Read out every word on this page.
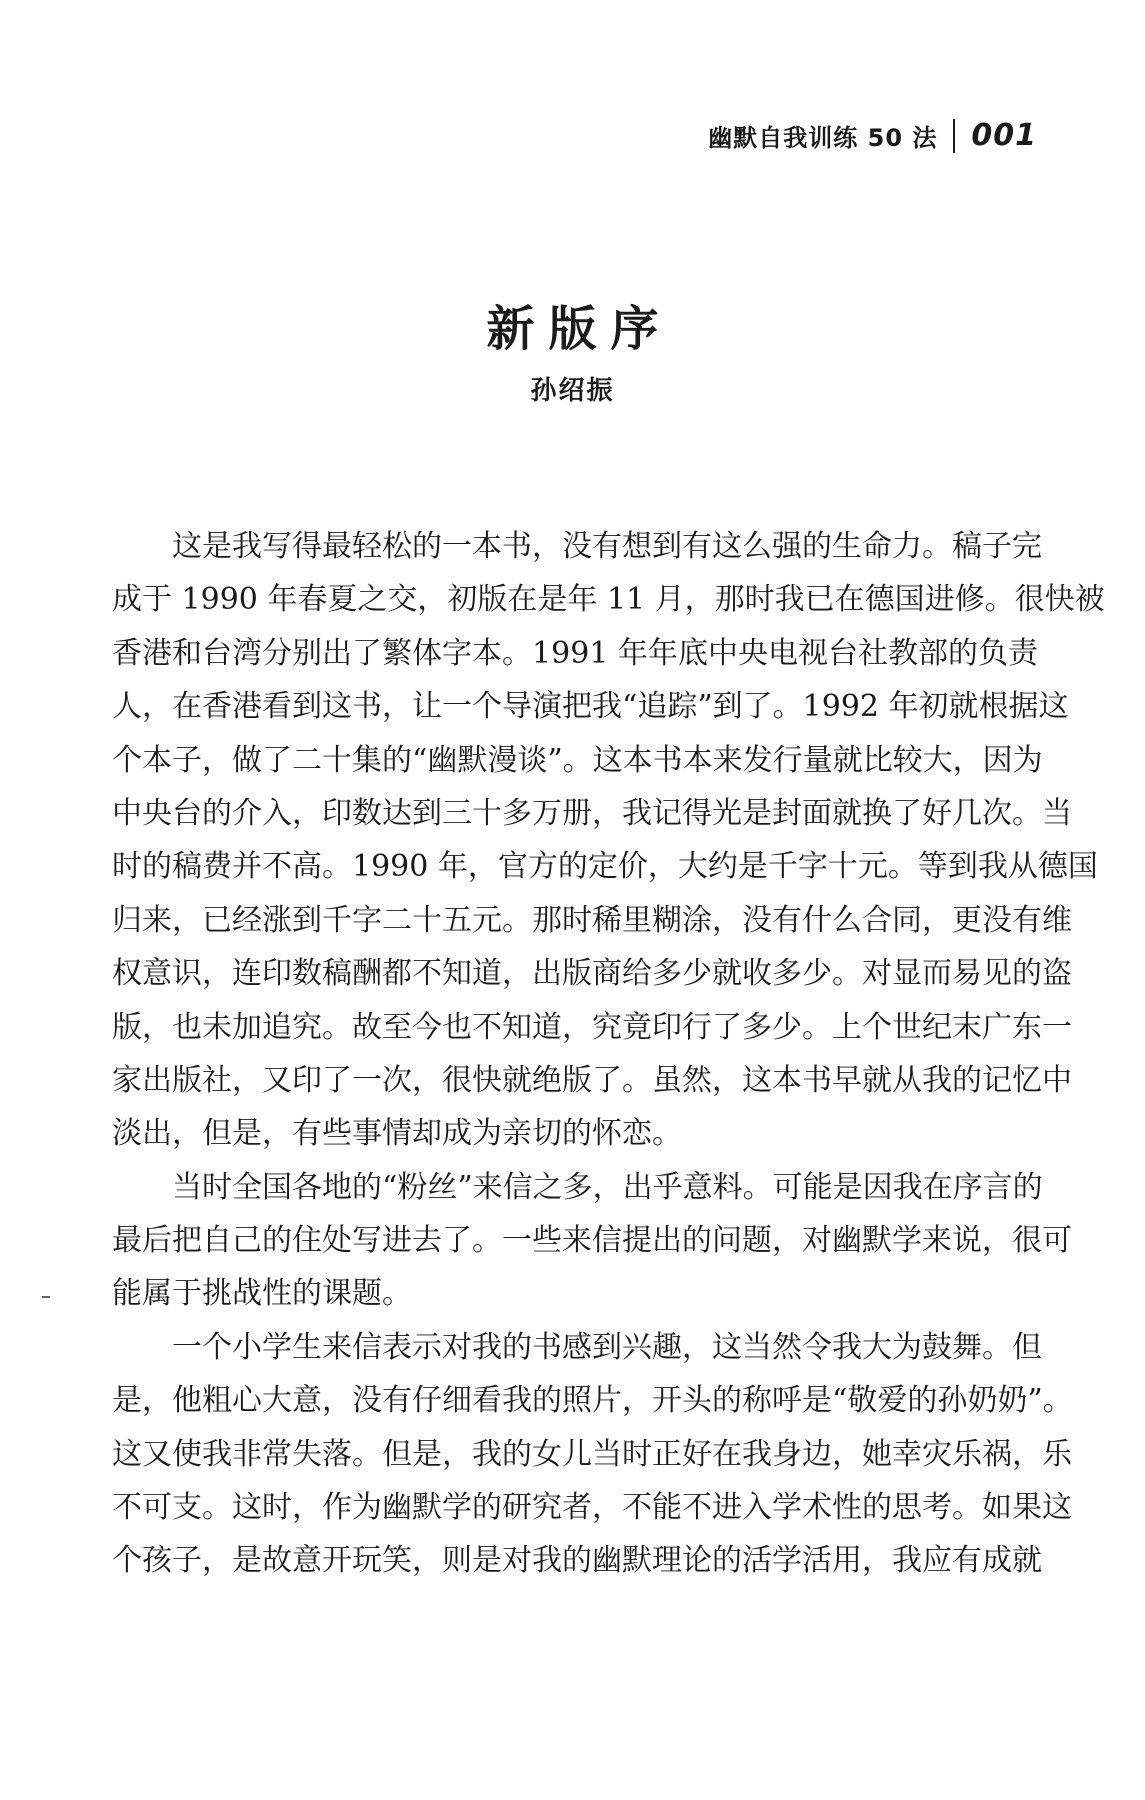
幽默自我训练 50 法 001
新版序
孙绍振
这是我写得最轻松的一本书，没有想到有这么强的生命力。稿子完
成于 1990 年春夏之交，初版在是年 11 月，那时我已在德国进修。很快被
香港和台湾分别出了繁体字本。1991 年年底中央电视台社教部的负责
人，在香港看到这书，让一个导演把我“追踪”到了。1992 年初就根据这
个本子，做了二十集的“幽默漫谈”。这本书本来发行量就比较大，因为
中央台的介入，印数达到三十多万册，我记得光是封面就换了好几次。当
时的稿费并不高。1990 年，官方的定价，大约是千字十元。等到我从德国
归来，已经涨到千字二十五元。那时稀里糊涂，没有什么合同，更没有维
权意识，连印数稿酬都不知道，出版商给多少就收多少。对显而易见的盗
版，也未加追究。故至今也不知道，究竟印行了多少。上个世纪末广东一
家出版社，又印了一次，很快就绝版了。虽然，这本书早就从我的记忆中
淡出，但是，有些事情却成为亲切的怀恋。
当时全国各地的“粉丝”来信之多，出乎意料。可能是因我在序言的
最后把自己的住处写进去了。一些来信提出的问题，对幽默学来说，很可
能属于挑战性的课题。
一个小学生来信表示对我的书感到兴趣，这当然令我大为鼓舞。但
是，他粗心大意，没有仔细看我的照片，开头的称呼是“敬爱的孙奶奶”。
这又使我非常失落。但是，我的女儿当时正好在我身边，她幸灾乐祸，乐
不可支。这时，作为幽默学的研究者，不能不进入学术性的思考。如果这
个孩子，是故意开玩笑，则是对我的幽默理论的活学活用，我应有成就
